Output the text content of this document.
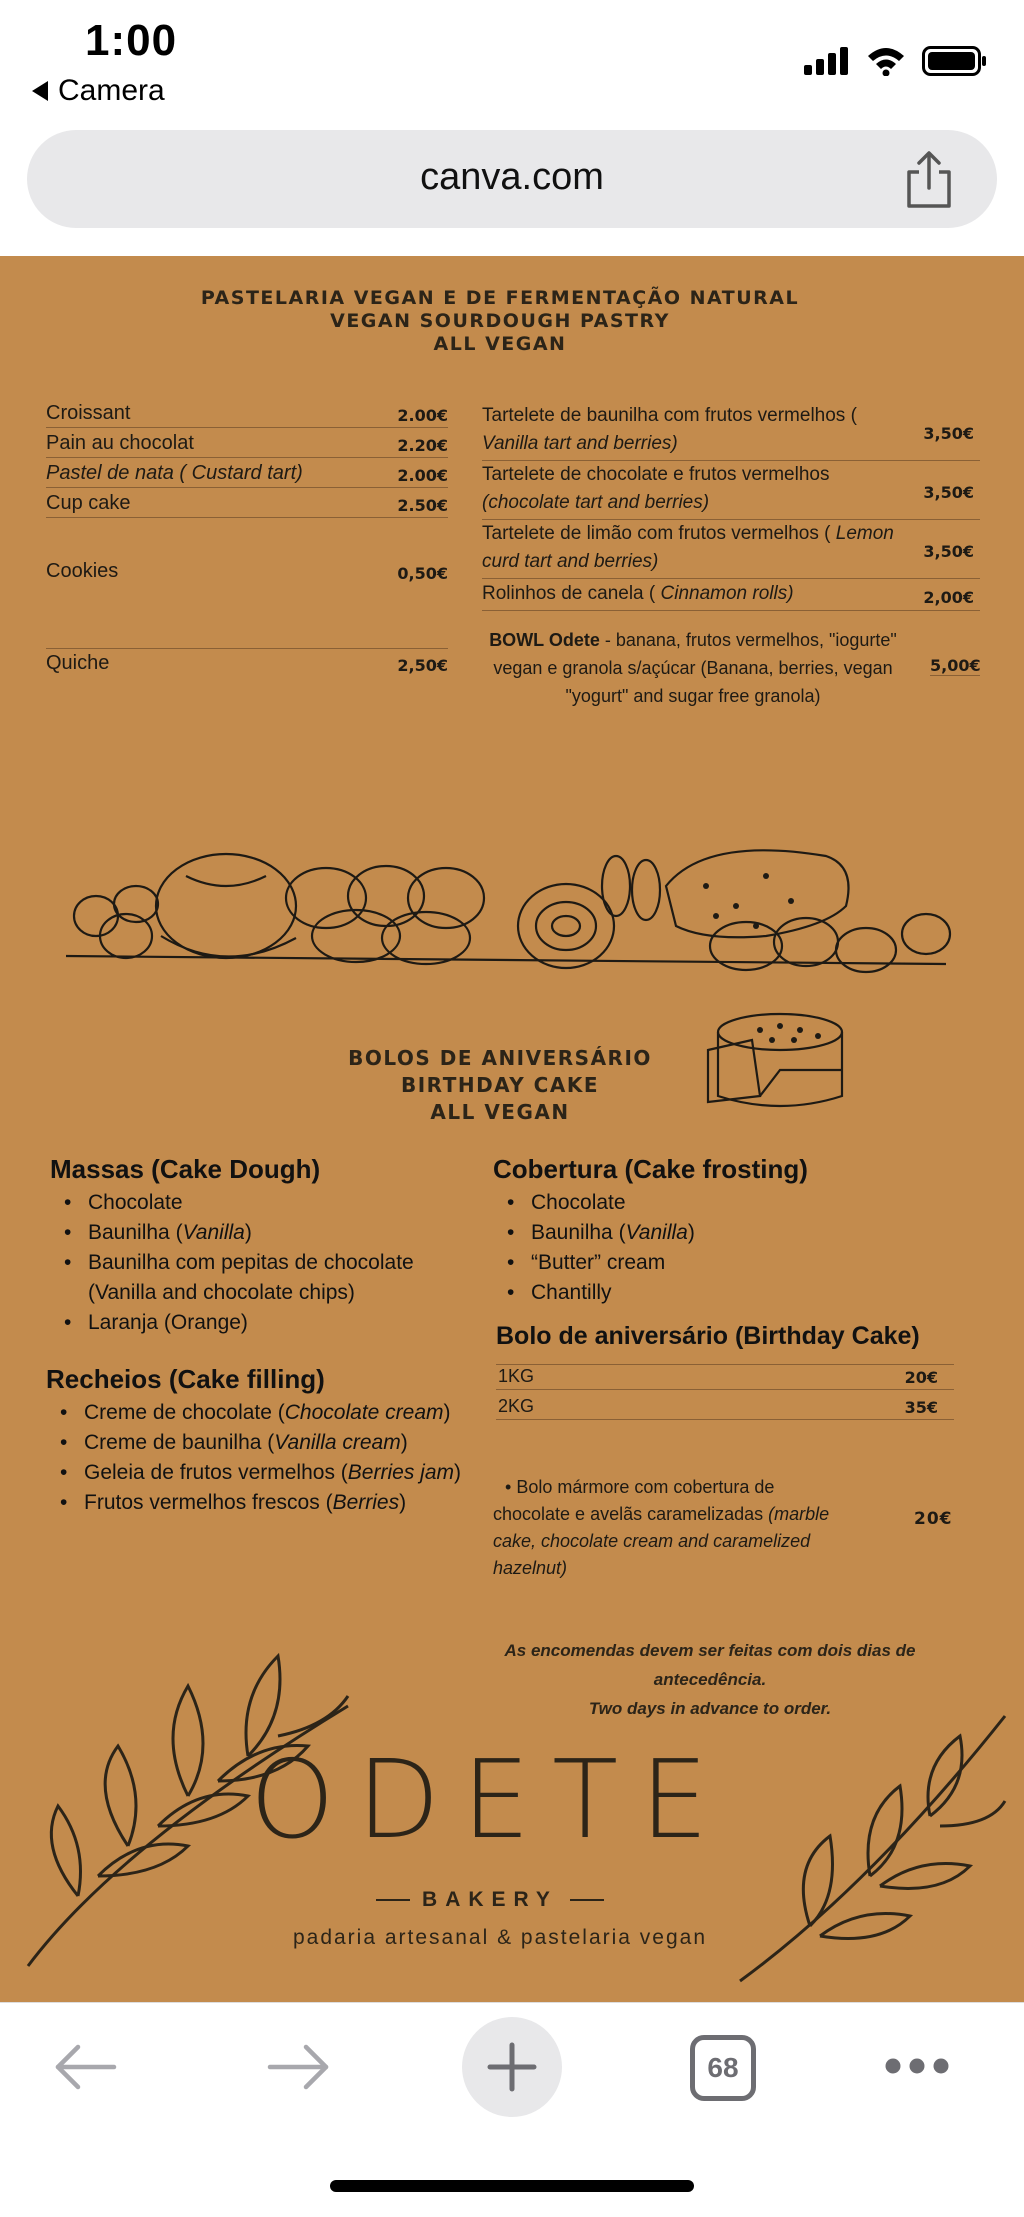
1:00
Camera
canva.com
PASTELARIA VEGAN E DE FERMENTAÇÃO NATURAL
VEGAN SOURDOUGH PASTRY
ALL VEGAN
Croissant	2.00€
Pain au chocolat	2.20€
Pastel de nata ( Custard tart)	2.00€
Cup cake	2.50€
Cookies	0,50€
Quiche	2,50€
Tartelete de baunilha com frutos vermelhos (
Vanilla tart and berries)	3,50€
Tartelete de chocolate e frutos vermelhos
(chocolate tart and berries)	3,50€
Tartelete de limão com frutos vermelhos ( Lemon
curd tart and berries)	3,50€
Rolinhos de canela ( Cinnamon rolls)	2,00€
BOWL Odete - banana, frutos vermelhos, "iogurte"
vegan e granola s/açúcar (Banana, berries, vegan
"yogurt" and sugar free granola)
5,00€
BOLOS DE ANIVERSÁRIO
BIRTHDAY CAKE
ALL VEGAN
Massas (Cake Dough)
• Chocolate
• Baunilha (Vanilla)
• Baunilha com pepitas de chocolate
(Vanilla and chocolate chips)
• Laranja (Orange)
Cobertura (Cake frosting)
• Chocolate
• Baunilha (Vanilla)
• “Butter” cream
• Chantilly
Recheios (Cake filling)
• Creme de chocolate (Chocolate cream)
• Creme de baunilha (Vanilla cream)
• Geleia de frutos vermelhos (Berries jam)
• Frutos vermelhos frescos (Berries)
Bolo de aniversário (Birthday Cake)
1KG	20€
2KG	35€
• Bolo mármore com cobertura de
chocolate e avelãs caramelizadas (marble
cake, chocolate cream and caramelized
hazelnut)
20€
As encomendas devem ser feitas com dois dias de
antecedência.
Two days in advance to order.
ODETE
BAKERY
padaria artesanal & pastelaria vegan
68
